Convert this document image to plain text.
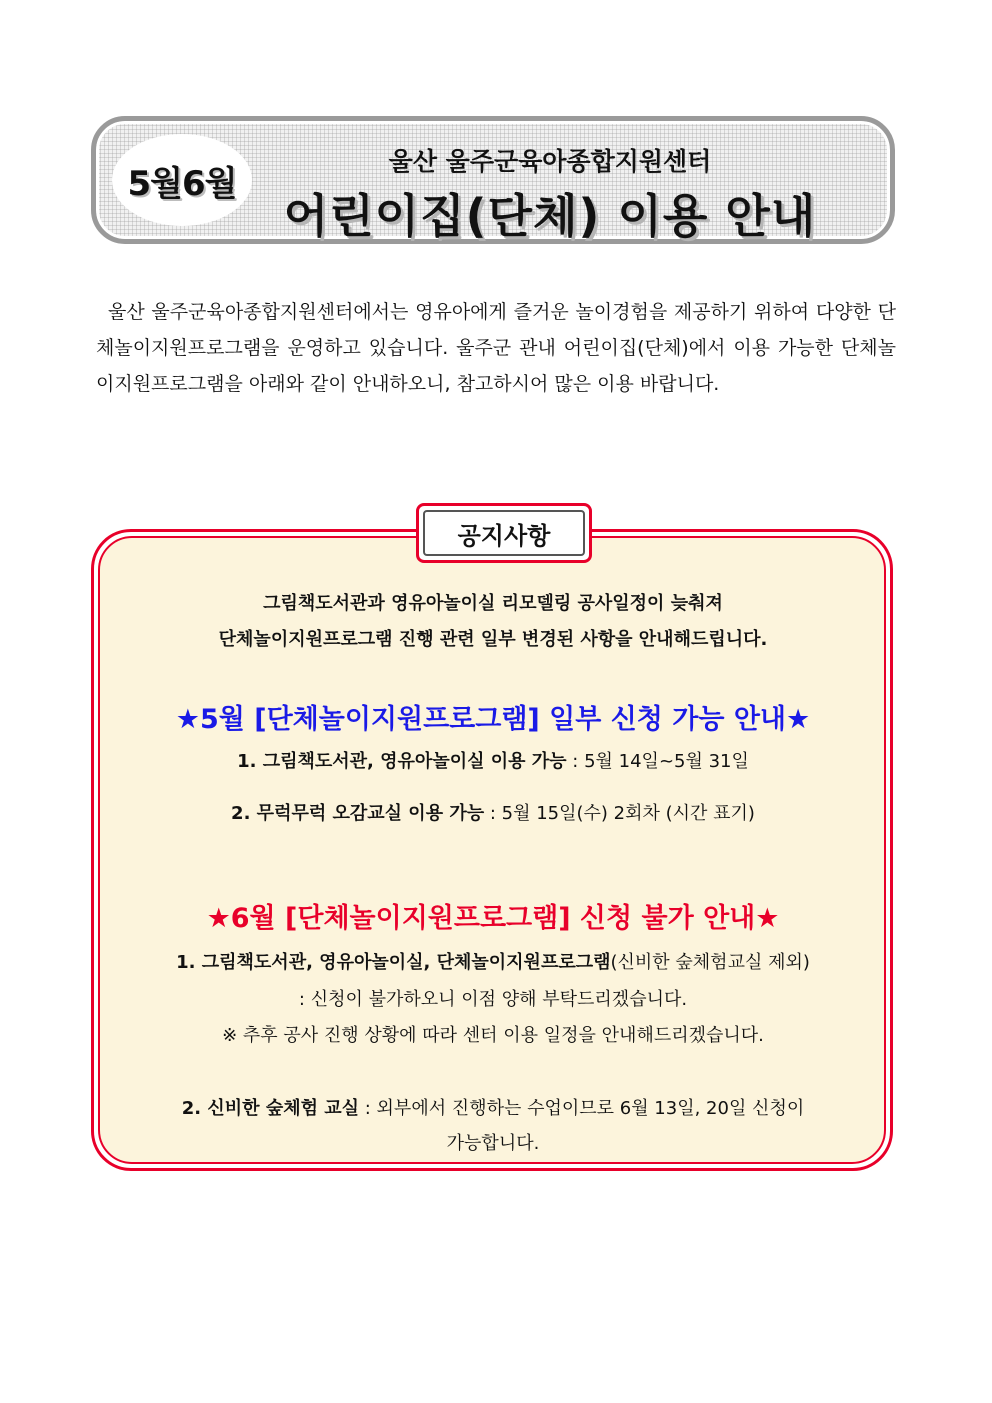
5월6월
울산 울주군육아종합지원센터
어린이집(단체) 이용 안내
울산 울주군육아종합지원센터에서는 영유아에게 즐거운 놀이경험을 제공하기 위하여 다양한 단체놀이지원프로그램을 운영하고 있습니다. 울주군 관내 어린이집(단체)에서 이용 가능한 단체놀이지원프로그램을 아래와 같이 안내하오니, 참고하시어 많은 이용 바랍니다.
공지사항
그림책도서관과 영유아놀이실 리모델링 공사일정이 늦춰져
단체놀이지원프로그램 진행 관련 일부 변경된 사항을 안내해드립니다.
★5월 [단체놀이지원프로그램] 일부 신청 가능 안내★
1. 그림책도서관, 영유아놀이실 이용 가능 : 5월 14일~5월 31일
2. 무럭무럭 오감교실 이용 가능 : 5월 15일(수) 2회차 (시간 표기)
★6월 [단체놀이지원프로그램] 신청 불가 안내★
1. 그림책도서관, 영유아놀이실, 단체놀이지원프로그램(신비한 숲체험교실 제외)
: 신청이 불가하오니 이점 양해 부탁드리겠습니다.
※ 추후 공사 진행 상황에 따라 센터 이용 일정을 안내해드리겠습니다.
2. 신비한 숲체험 교실 : 외부에서 진행하는 수업이므로 6월 13일, 20일 신청이
가능합니다.
